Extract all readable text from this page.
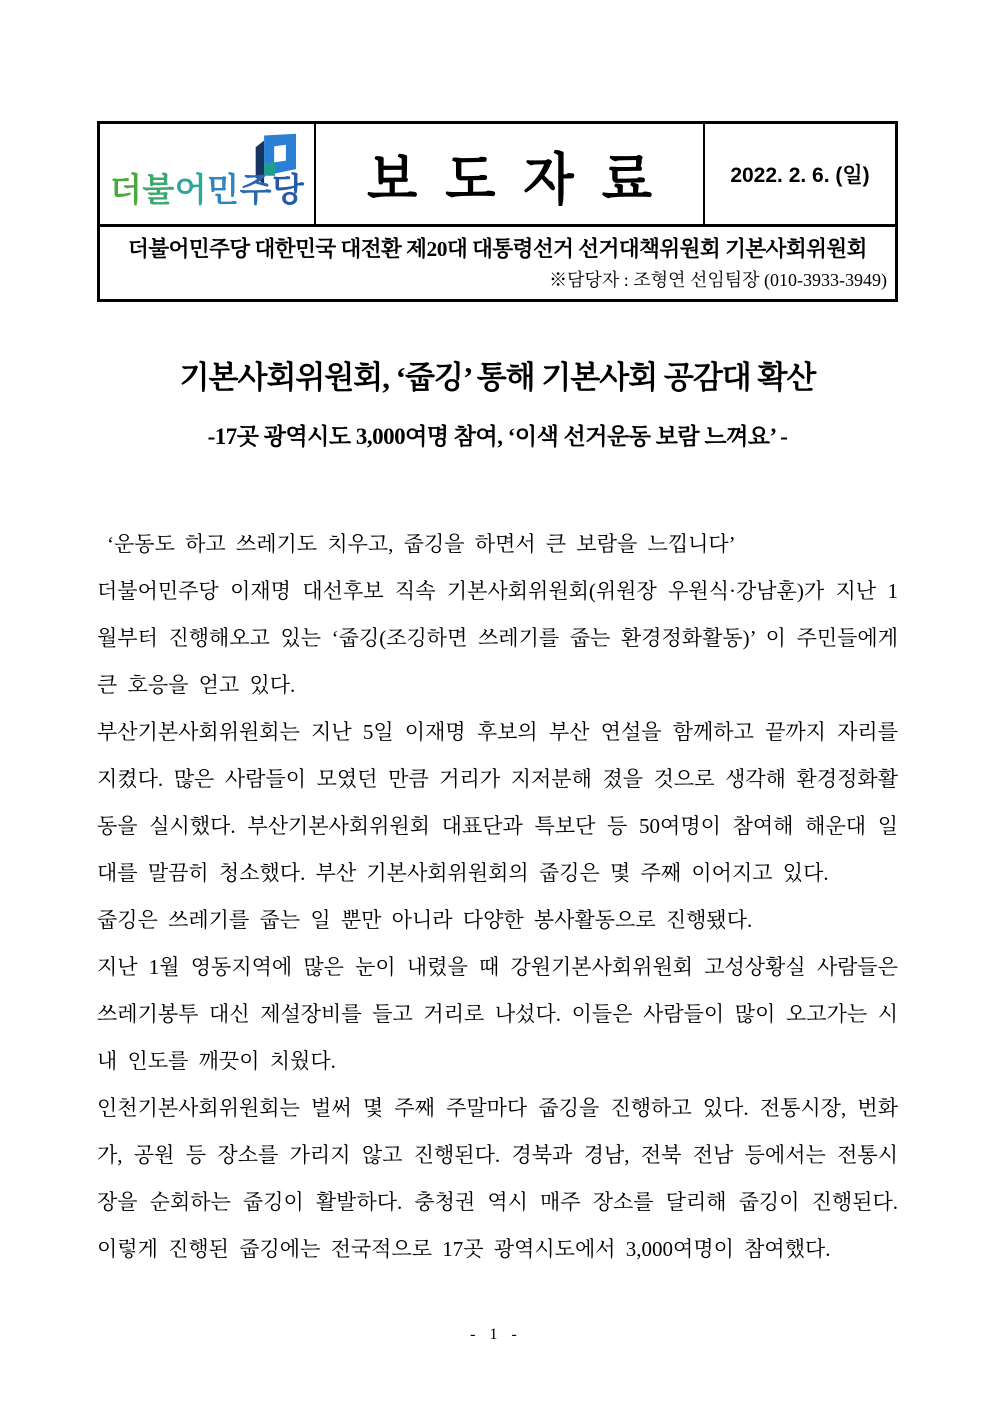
더불어민주당	보도자료 2022. 2. 6. (일)
더불어민주당 대한민국 대전환 제20대 대통령선거 선거대책위원회 기본사회위원회
※담당자 : 조형연 선임팀장 (010-3933-3949)
기본사회위원회, ‘줍깅’ 통해 기본사회 공감대 확산
-17곳 광역시도 3,000여명 참여, ‘이색 선거운동 보람 느껴요’ -

‘운동도 하고 쓰레기도 치우고, 줍깅을 하면서 큰 보람을 느낍니다’

더불어민주당 이재명 대선후보 직속 기본사회위원회(위원장 우원식·강남훈)가 지난 1월부터 진행해오고 있는 ‘줍깅(조깅하면 쓰레기를 줍는 환경정화활동)’ 이 주민들에게 큰 호응을 얻고 있다.

부산기본사회위원회는 지난 5일 이재명 후보의 부산 연설을 함께하고 끝까지 자리를 지켰다. 많은 사람들이 모였던 만큼 거리가 지저분해 졌을 것으로 생각해 환경정화활동을 실시했다. 부산기본사회위원회 대표단과 특보단 등 50여명이 참여해 해운대 일대를 말끔히 청소했다. 부산 기본사회위원회의 줍깅은 몇 주째 이어지고 있다.

줍깅은 쓰레기를 줍는 일 뿐만 아니라 다양한 봉사활동으로 진행됐다.

지난 1월 영동지역에 많은 눈이 내렸을 때 강원기본사회위원회 고성상황실 사람들은 쓰레기봉투 대신 제설장비를 들고 거리로 나섰다. 이들은 사람들이 많이 오고가는 시내 인도를 깨끗이 치웠다.

인천기본사회위원회는 벌써 몇 주째 주말마다 줍깅을 진행하고 있다. 전통시장, 번화가, 공원 등 장소를 가리지 않고 진행된다. 경북과 경남, 전북 전남 등에서는 전통시장을 순회하는 줍깅이 활발하다. 충청권 역시 매주 장소를 달리해 줍깅이 진행된다. 이렇게 진행된 줍깅에는 전국적으로 17곳 광역시도에서 3,000여명이 참여했다.

- 1 -
